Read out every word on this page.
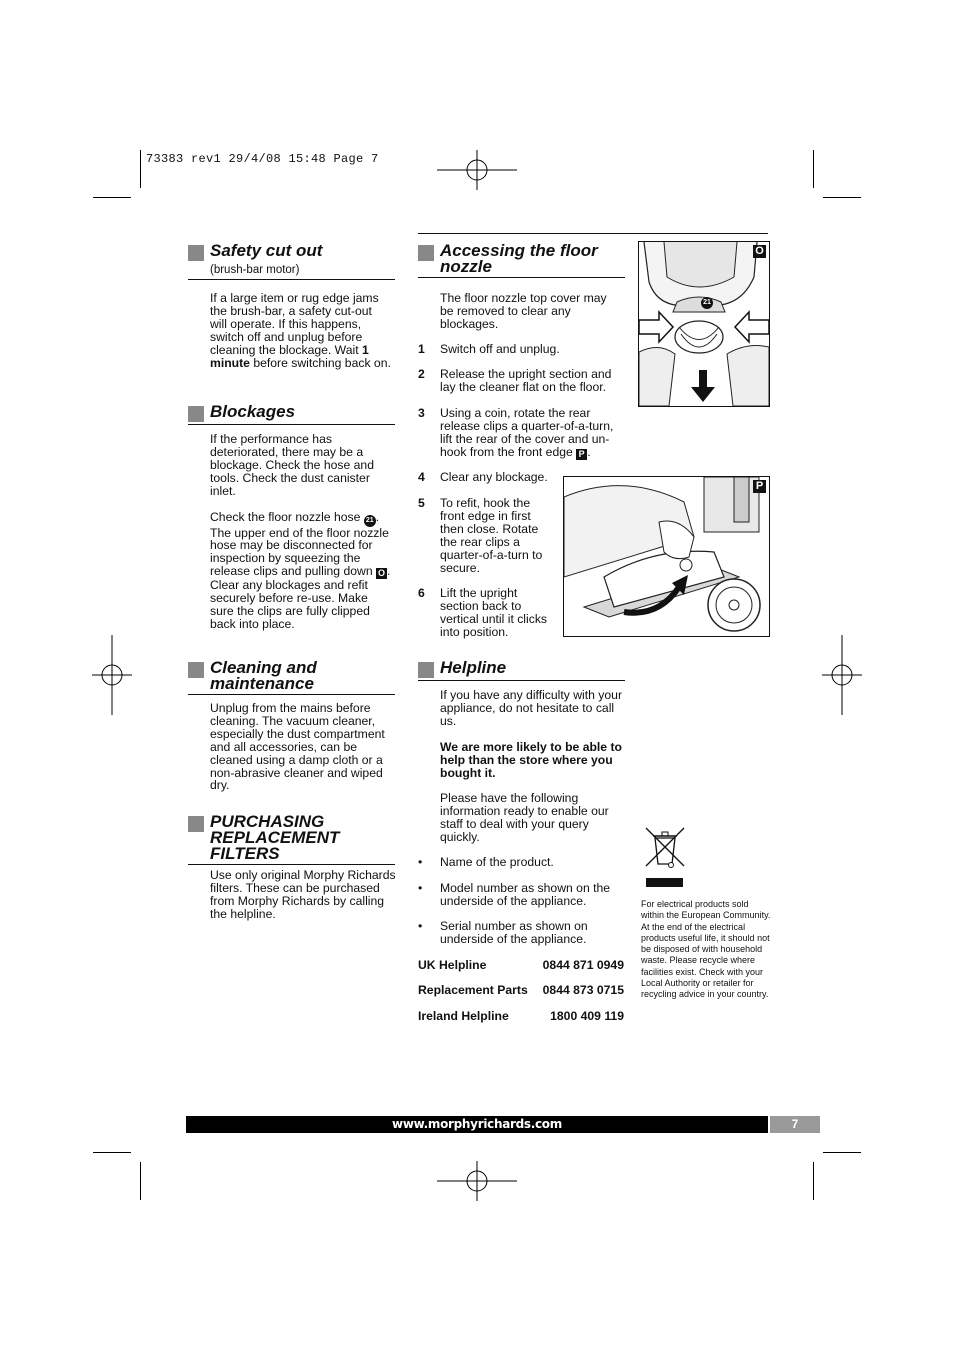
73383 rev1 29/4/08 15:48 Page 7
Safety cut out
(brush-bar motor)

If a large item or rug edge jams the brush-bar, a safety cut-out will operate. If this happens, switch off and unplug before cleaning the blockage. Wait 1 minute before switching back on.

Blockages

If the performance has deteriorated, there may be a blockage. Check the hose and tools. Check the dust canister inlet.

Check the floor nozzle hose 21 . The upper end of the floor nozzle hose may be disconnected for inspection by squeezing the release clips and pulling down O . Clear any blockages and refit securely before re-use. Make sure the clips are fully clipped back into place.

Cleaning and maintenance

Unplug from the mains before cleaning. The vacuum cleaner, especially the dust compartment and all accessories, can be cleaned using a damp cloth or a non-abrasive cleaner and wiped dry.

PURCHASING REPLACEMENT FILTERS

Use only original Morphy Richards filters. These can be purchased from Morphy Richards by calling the helpline.

Accessing the floor nozzle

The floor nozzle top cover may be removed to clear any blockages.

1 Switch off and unplug.
2 Release the upright section and lay the cleaner flat on the floor.
3 Using a coin, rotate the rear release clips a quarter-of-a-turn, lift the rear of the cover and un-hook from the front edge P .
4 Clear any blockage.
5 To refit, hook the front edge in first then close. Rotate the rear clips a quarter-of-a-turn to secure.
6 Lift the upright section back to vertical until it clicks into position.
Helpline

If you have any difficulty with your appliance, do not hesitate to call us.

We are more likely to be able to help than the store where you bought it.

Please have the following information ready to enable our staff to deal with your query quickly.

• Name of the product.
• Model number as shown on the underside of the appliance.
• Serial number as shown on underside of the appliance.
UK Helpline	0844 871 0949
Replacement Parts 0844 873 0715
Ireland Helpline	1800 409 119
O
21
P
For electrical products sold within the European Community. At the end of the electrical products useful life, it should not be disposed of with household waste. Please recycle where facilities exist. Check with your Local Authority or retailer for recycling advice in your country.
www.morphyrichards.com	7
